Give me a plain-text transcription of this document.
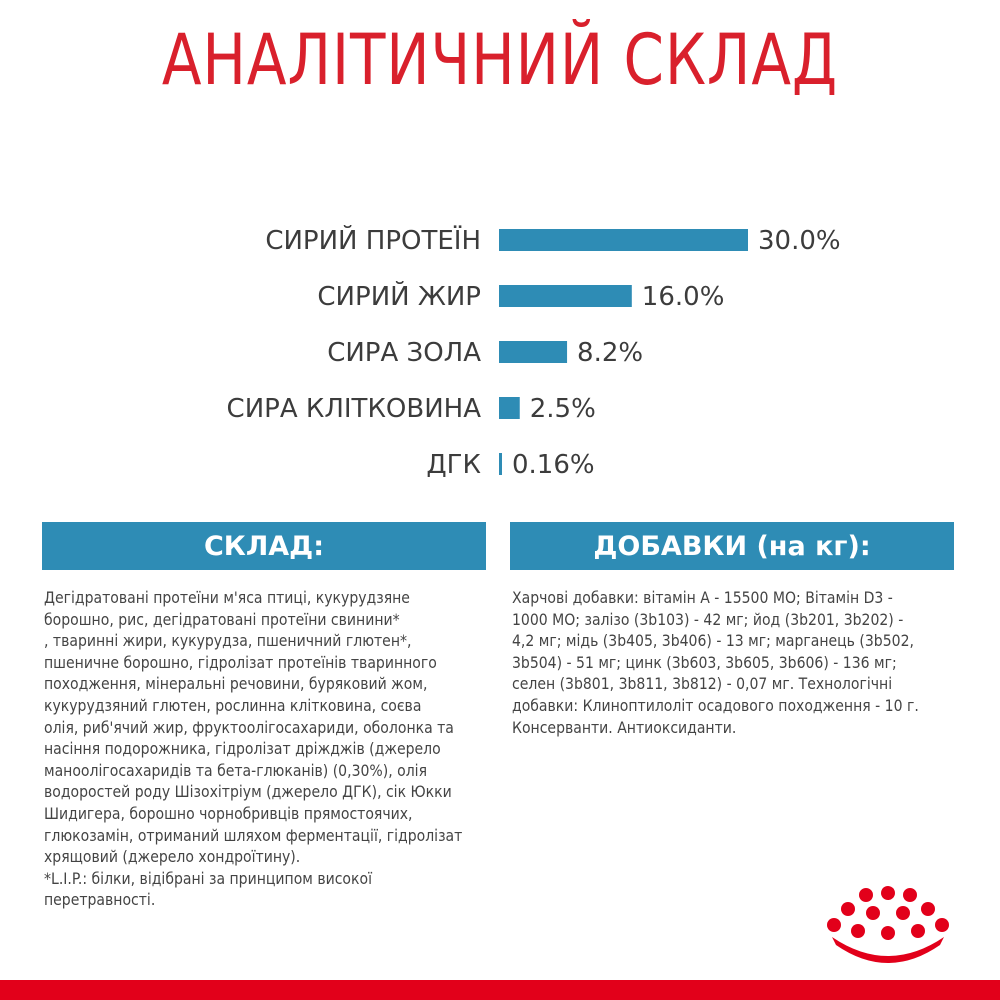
АНАЛІТИЧНИЙ СКЛАД
СИРИЙ ПРОТЕЇН	30.0%
СИРИЙ ЖИР	16.0%
СИРА ЗОЛА	8.2%
СИРА КЛІТКОВИНА 2.5%
ДГК 0.16%
СКЛАД:	ДОБАВКИ (на кг):
Дегідратовані протеїни м'яса птиці, кукурудзяне
борошно, рис, дегідратовані протеїни свинини*
, тваринні жири, кукурудза, пшеничний глютен*,
пшеничне борошно, гідролізат протеїнів тваринного
походження, мінеральні речовини, буряковий жом,
кукурудзяний глютен, рослинна клітковина, соєва
олія, риб'ячий жир, фруктоолігосахариди, оболонка та
насіння подорожника, гідролізат дріжджів (джерело
маноолігосахаридів та бета-глюканів) (0,30%), олія
водоростей роду Шізохітріум (джерело ДГК), сік Юкки
Шидигера, борошно чорнобривців прямостоячих,
глюкозамін, отриманий шляхом ферментації, гідролізат
хрящовий (джерело хондроїтину).
*L.I.P.: білки, відібрані за принципом високої
перетравності.
Харчові добавки: вітамін A - 15500 МО; Вітамін D3 -
1000 МО; залізо (3b103) - 42 мг; йод (3b201, 3b202) -
4,2 мг; мідь (3b405, 3b406) - 13 мг; марганець (3b502,
3b504) - 51 мг; цинк (3b603, 3b605, 3b606) - 136 мг;
селен (3b801, 3b811, 3b812) - 0,07 мг. Технологічні
добавки: Клиноптилоліт осадового походження - 10 г.
Консерванти. Антиоксиданти.
